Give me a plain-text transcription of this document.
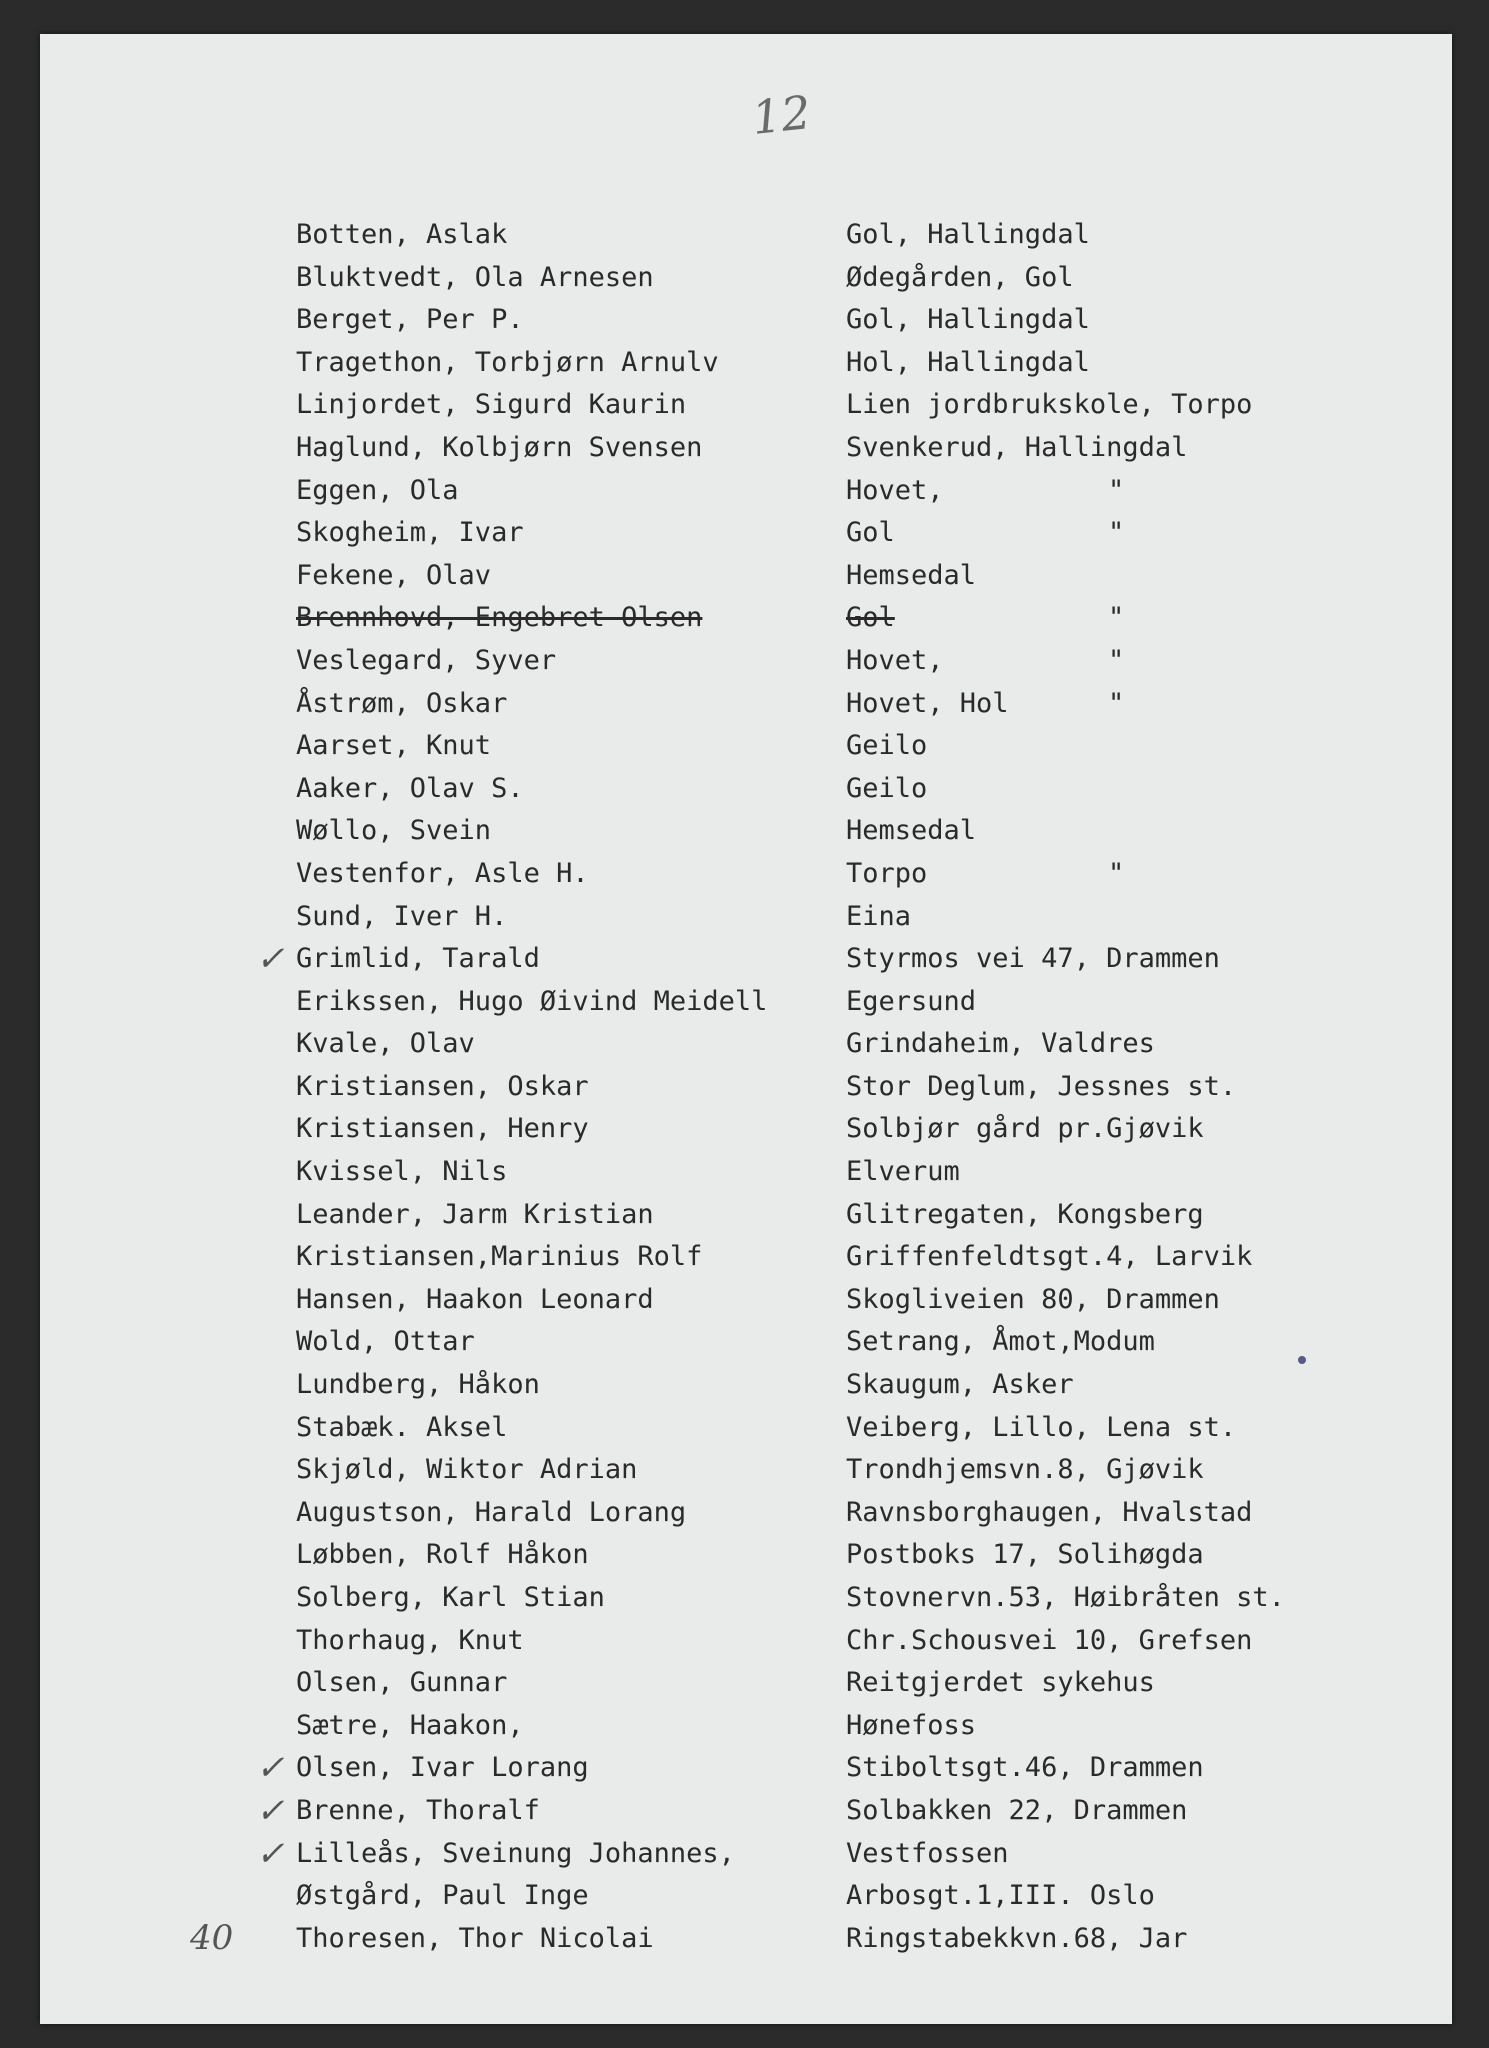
12
Botten, Aslak	Gol, Hallingdal
Bluktvedt, Ola Arnesen	Ødegården, Gol
Berget, Per P.	Gol, Hallingdal
Tragethon, Torbjørn Arnulv	Hol, Hallingdal
Linjordet, Sigurd Kaurin	Lien jordbrukskole, Torpo
Haglund, Kolbjørn Svensen	Svenkerud, Hallingdal
Eggen, Ola	Hovet,	"
Skogheim, Ivar	Gol	"
Fekene, Olav	Hemsedal
Brennhovd, Engebret Olsen	Gol	"
Veslegard, Syver	Hovet,	"
Åstrøm, Oskar	Hovet, Hol	"
Aarset, Knut	Geilo
Aaker, Olav S.	Geilo
Wøllo, Svein	Hemsedal
Vestenfor, Asle H.	Torpo	"
Sund, Iver H.	Eina
✓ Grimlid, Tarald	Styrmos vei 47, Drammen
Erikssen, Hugo Øivind Meidell	Egersund
Kvale, Olav	Grindaheim, Valdres
Kristiansen, Oskar	Stor Deglum, Jessnes st.
Kristiansen, Henry	Solbjør gård pr.Gjøvik
Kvissel, Nils	Elverum
Leander, Jarm Kristian	Glitregaten, Kongsberg
Kristiansen,Marinius Rolf	Griffenfeldtsgt.4, Larvik
Hansen, Haakon Leonard	Skogliveien 80, Drammen
Wold, Ottar	Setrang, Åmot,Modum
Lundberg, Håkon	Skaugum, Asker
Stabæk. Aksel	Veiberg, Lillo, Lena st.
Skjøld, Wiktor Adrian	Trondhjemsvn.8, Gjøvik
Augustson, Harald Lorang	Ravnsborghaugen, Hvalstad
Løbben, Rolf Håkon	Postboks 17, Solihøgda
Solberg, Karl Stian	Stovnervn.53, Høibråten st.
Thorhaug, Knut	Chr.Schousvei 10, Grefsen
Olsen, Gunnar	Reitgjerdet sykehus
Sætre, Haakon,	Hønefoss
✓ Olsen, Ivar Lorang	Stiboltsgt.46, Drammen
✓ Brenne, Thoralf	Solbakken 22, Drammen
✓ Lilleås, Sveinung Johannes,	Vestfossen
Østgård, Paul Inge	Arbosgt.1,III. Oslo
Thoresen, Thor Nicolai	Ringstabekkvn.68, Jar
40
